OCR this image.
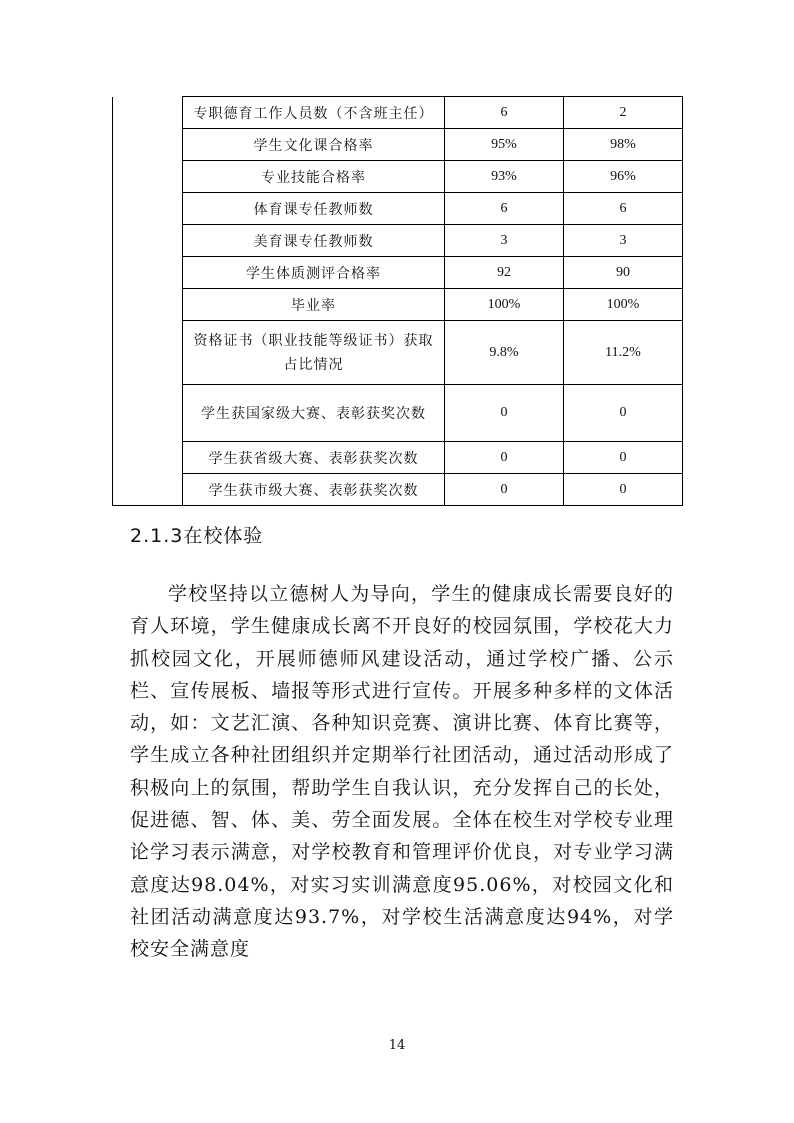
	专职德育工作人员数（不含班主任）	6	2
	学生文化课合格率	95%	98%
	专业技能合格率	93%	96%
	体育课专任教师数	6	6
	美育课专任教师数	3	3
	学生体质测评合格率	92	90
	毕业率	100%	100%
	资格证书（职业技能等级证书）获取占比情况	9.8%	11.2%
	学生获国家级大赛、表彰获奖次数	0	0
	学生获省级大赛、表彰获奖次数	0	0
	学生获市级大赛、表彰获奖次数	0	0
2.1.3在校体验

学校坚持以立德树人为导向，学生的健康成长需要良好的育人环境，学生健康成长离不开良好的校园氛围，学校花大力抓校园文化，开展师德师风建设活动，通过学校广播、公示栏、宣传展板、墙报等形式进行宣传。开展多种多样的文体活动，如：文艺汇演、各种知识竞赛、演讲比赛、体育比赛等，学生成立各种社团组织并定期举行社团活动，通过活动形成了积极向上的氛围，帮助学生自我认识，充分发挥自己的长处，促进德、智、体、美、劳全面发展。全体在校生对学校专业理论学习表示满意，对学校教育和管理评价优良，对专业学习满意度达98.04%，对实习实训满意度95.06%，对校园文化和社团活动满意度达93.7%，对学校生活满意度达94%，对学校安全满意度

14
